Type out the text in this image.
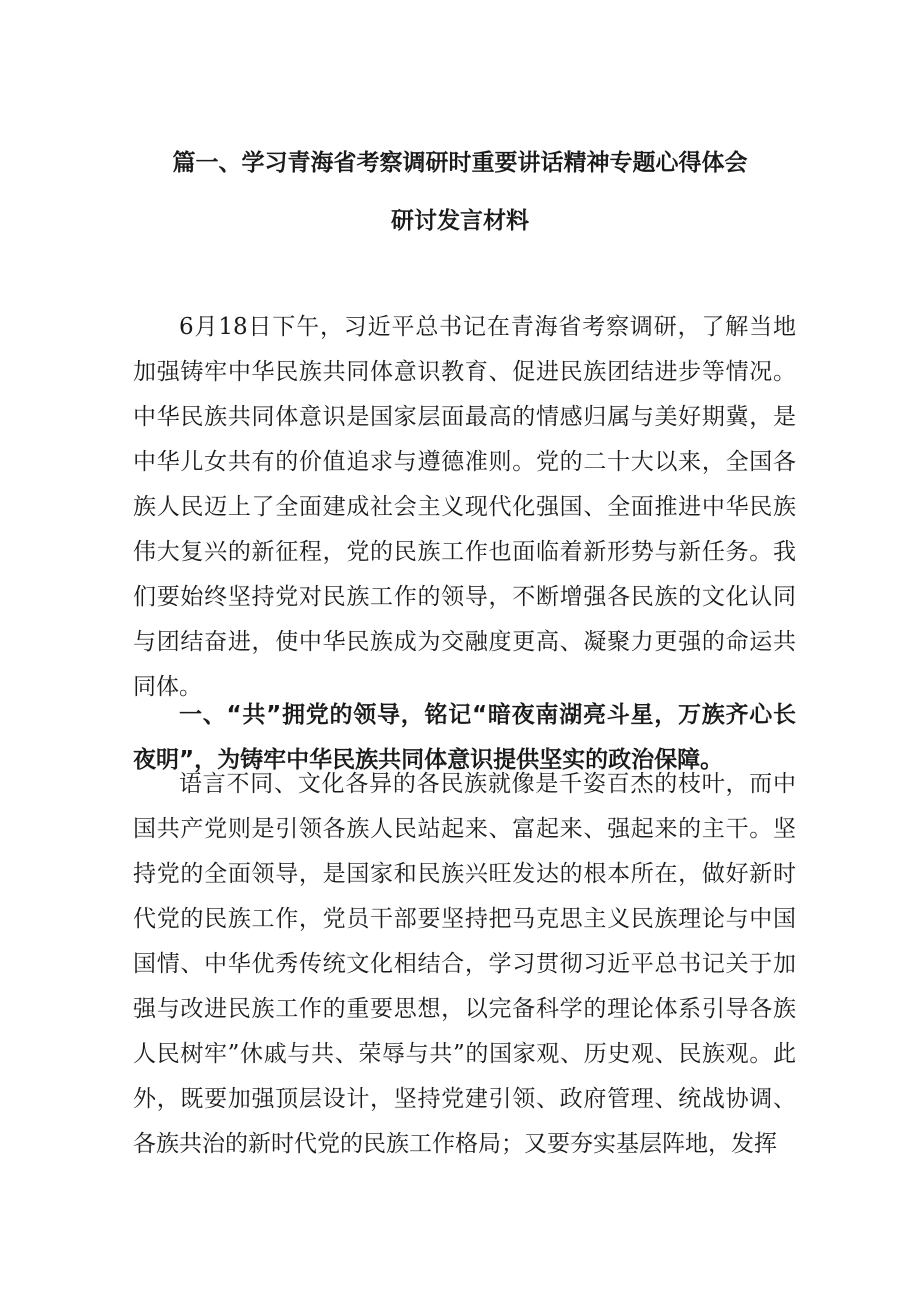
篇一、学习青海省考察调研时重要讲话精神专题心得体会
研讨发言材料

6月18日下午，习近平总书记在青海省考察调研，了解当地加强铸牢中华民族共同体意识教育、促进民族团结进步等情况。中华民族共同体意识是国家层面最高的情感归属与美好期冀，是中华儿女共有的价值追求与遵德准则。党的二十大以来，全国各族人民迈上了全面建成社会主义现代化强国、全面推进中华民族伟大复兴的新征程，党的民族工作也面临着新形势与新任务。我们要始终坚持党对民族工作的领导，不断增强各民族的文化认同与团结奋进，使中华民族成为交融度更高、凝聚力更强的命运共同体。

一、“共”拥党的领导，铭记“暗夜南湖亮斗星，万族齐心长夜明”，为铸牢中华民族共同体意识提供坚实的政治保障。

语言不同、文化各异的各民族就像是千姿百杰的枝叶，而中国共产党则是引领各族人民站起来、富起来、强起来的主干。坚持党的全面领导，是国家和民族兴旺发达的根本所在，做好新时代党的民族工作，党员干部要坚持把马克思主义民族理论与中国国情、中华优秀传统文化相结合，学习贯彻习近平总书记关于加强与改进民族工作的重要思想，以完备科学的理论体系引导各族人民树牢”休戚与共、荣辱与共”的国家观、历史观、民族观。此外，既要加强顶层设计，坚持党建引领、政府管理、统战协调、各族共治的新时代党的民族工作格局；又要夯实基层阵地，发挥
